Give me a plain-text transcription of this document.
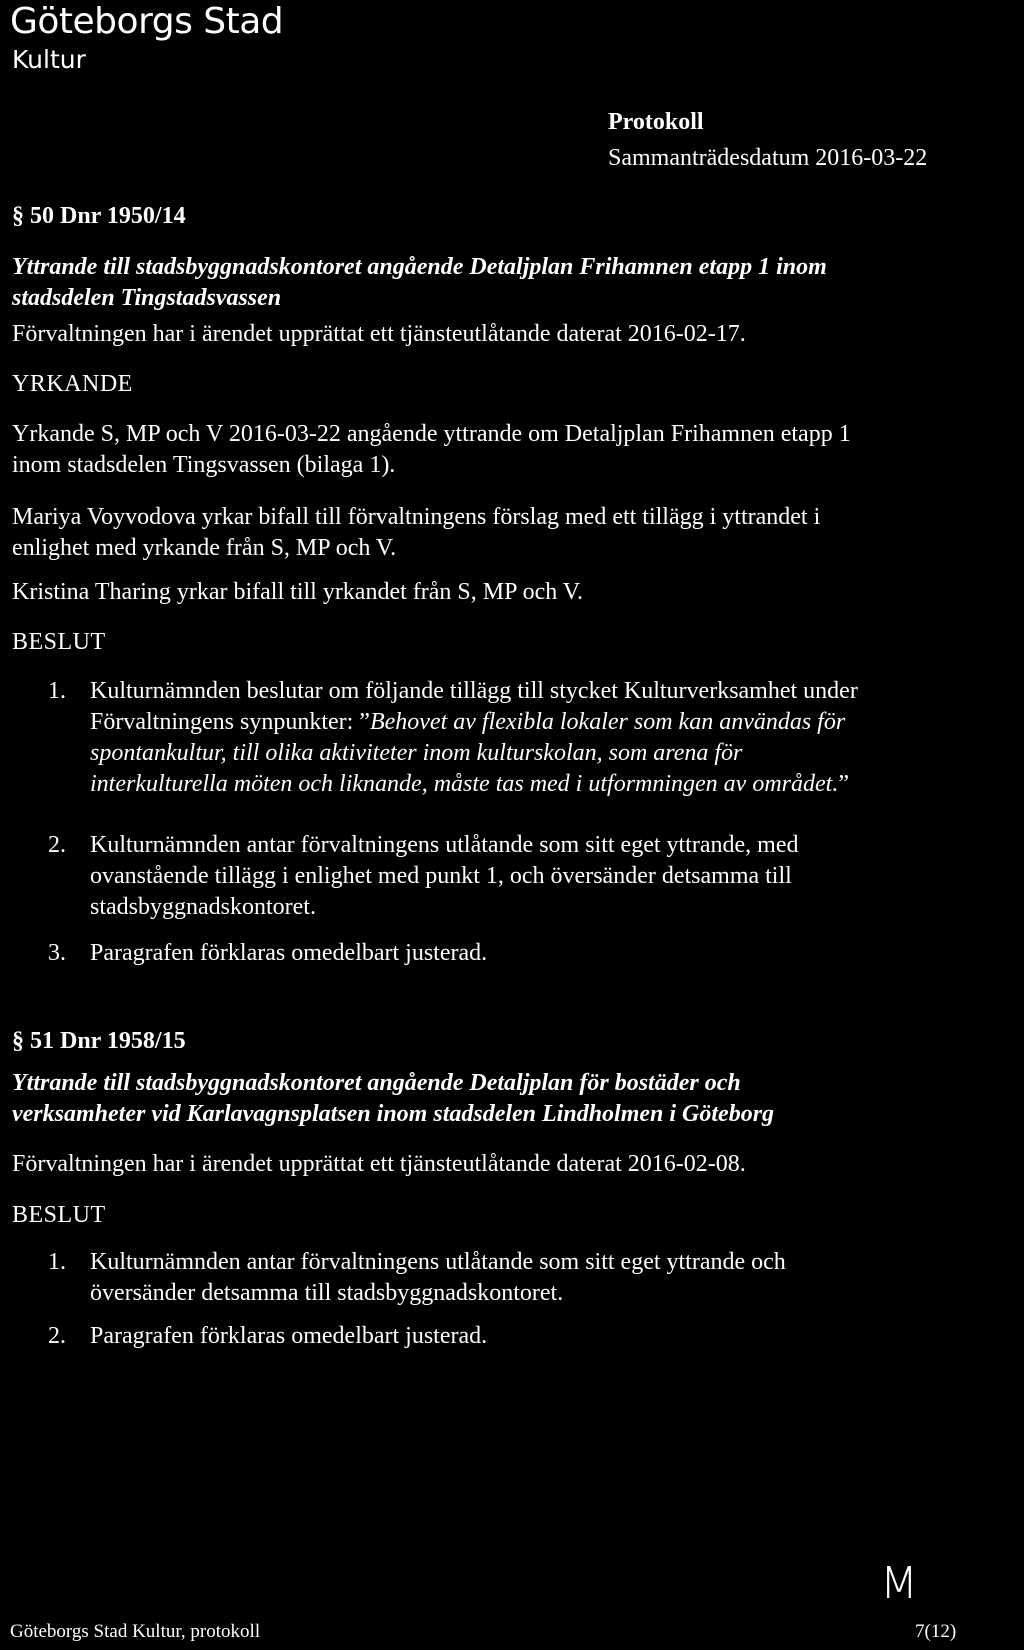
Göteborgs Stad
Kultur
Protokoll
Sammanträdesdatum 2016-03-22
§ 50 Dnr 1950/14
Yttrande till stadsbyggnadskontoret angående Detaljplan Frihamnen etapp 1 inom
stadsdelen Tingstadsvassen
Förvaltningen har i ärendet upprättat ett tjänsteutlåtande daterat 2016-02-17.
YRKANDE
Yrkande S, MP och V 2016-03-22 angående yttrande om Detaljplan Frihamnen etapp 1
inom stadsdelen Tingsvassen (bilaga 1).
Mariya Voyvodova yrkar bifall till förvaltningens förslag med ett tillägg i yttrandet i
enlighet med yrkande från S, MP och V.
Kristina Tharing yrkar bifall till yrkandet från S, MP och V.
BESLUT
1. Kulturnämnden beslutar om följande tillägg till stycket Kulturverksamhet under
Förvaltningens synpunkter: ”Behovet av flexibla lokaler som kan användas för
spontankultur, till olika aktiviteter inom kulturskolan, som arena för
interkulturella möten och liknande, måste tas med i utformningen av området.”
2. Kulturnämnden antar förvaltningens utlåtande som sitt eget yttrande, med
ovanstående tillägg i enlighet med punkt 1, och översänder detsamma till
stadsbyggnadskontoret.
3. Paragrafen förklaras omedelbart justerad.
§ 51 Dnr 1958/15
Yttrande till stadsbyggnadskontoret angående Detaljplan för bostäder och
verksamheter vid Karlavagnsplatsen inom stadsdelen Lindholmen i Göteborg
Förvaltningen har i ärendet upprättat ett tjänsteutlåtande daterat 2016-02-08.
BESLUT
1. Kulturnämnden antar förvaltningens utlåtande som sitt eget yttrande och
översänder detsamma till stadsbyggnadskontoret.
2. Paragrafen förklaras omedelbart justerad.
M
Göteborgs Stad Kultur, protokoll	7(12)
